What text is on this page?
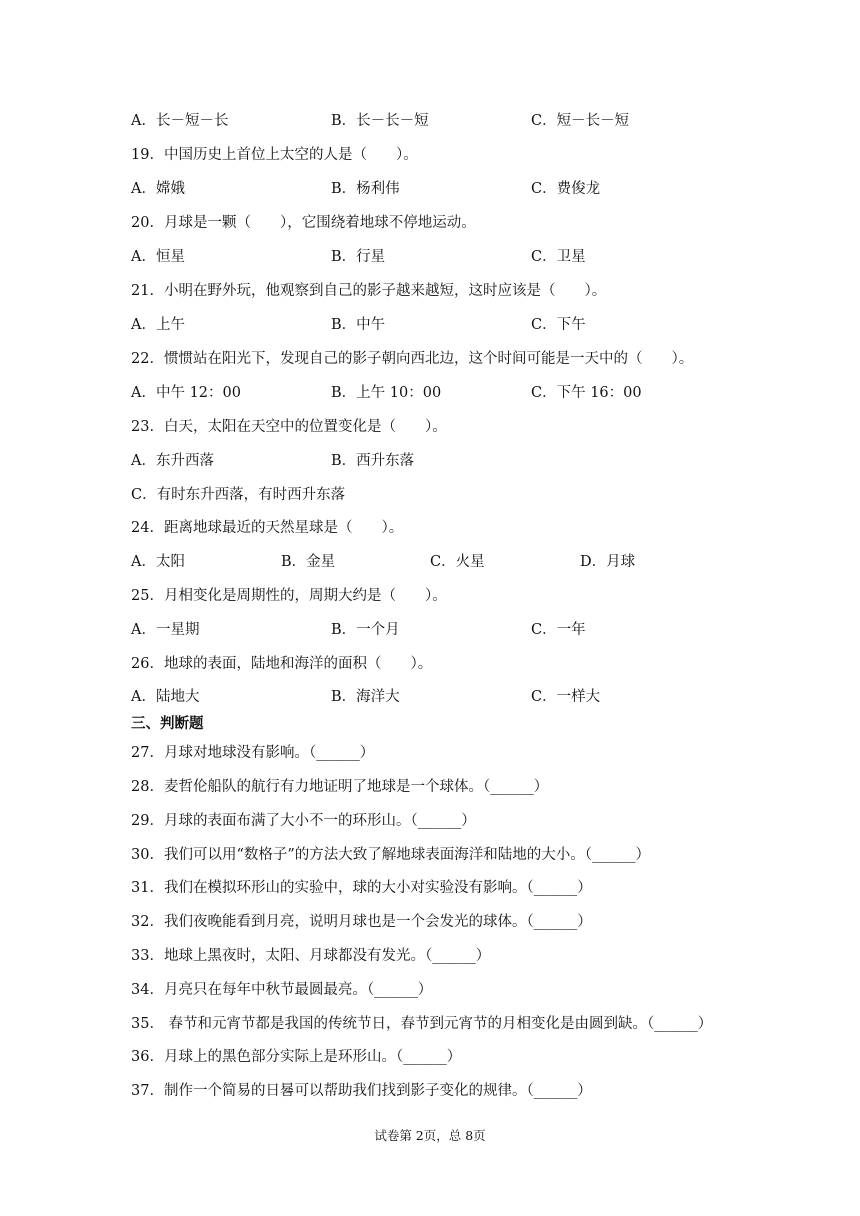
A．长－短－长	B．长－长－短	C．短－长－短
19．中国历史上首位上太空的人是（　　）。
A．嫦娥	B．杨利伟	C．费俊龙
20．月球是一颗（　　），它围绕着地球不停地运动。
A．恒星	B．行星	C．卫星
21．小明在野外玩，他观察到自己的影子越来越短，这时应该是（　　）。
A．上午	B．中午	C．下午
22．惯惯站在阳光下，发现自己的影子朝向西北边，这个时间可能是一天中的（　　）。
A．中午 12：00	B．上午 10：00	C．下午 16：00
23．白天，太阳在天空中的位置变化是（　　）。
A．东升西落	B．西升东落
C．有时东升西落，有时西升东落
24．距离地球最近的天然星球是（　　）。
A．太阳	B．金星	C．火星	D．月球
25．月相变化是周期性的，周期大约是（　　）。
A．一星期	B．一个月	C．一年
26．地球的表面，陆地和海洋的面积（　　）。
A．陆地大	B．海洋大	C．一样大
三、判断题
27．月球对地球没有影响。（______）
28．麦哲伦船队的航行有力地证明了地球是一个球体。（______）
29．月球的表面布满了大小不一的环形山。（______）
30．我们可以用“数格子”的方法大致了解地球表面海洋和陆地的大小。（______）
31．我们在模拟环形山的实验中，球的大小对实验没有影响。（______）
32．我们夜晚能看到月亮，说明月球也是一个会发光的球体。（______）
33．地球上黑夜时，太阳、月球都没有发光。（______）
34．月亮只在每年中秋节最圆最亮。（______）
35． 春节和元宵节都是我国的传统节日，春节到元宵节的月相变化是由圆到缺。（______）
36．月球上的黑色部分实际上是环形山。（______）
37．制作一个简易的日晷可以帮助我们找到影子变化的规律。（______）
试卷第 2页，总 8页
